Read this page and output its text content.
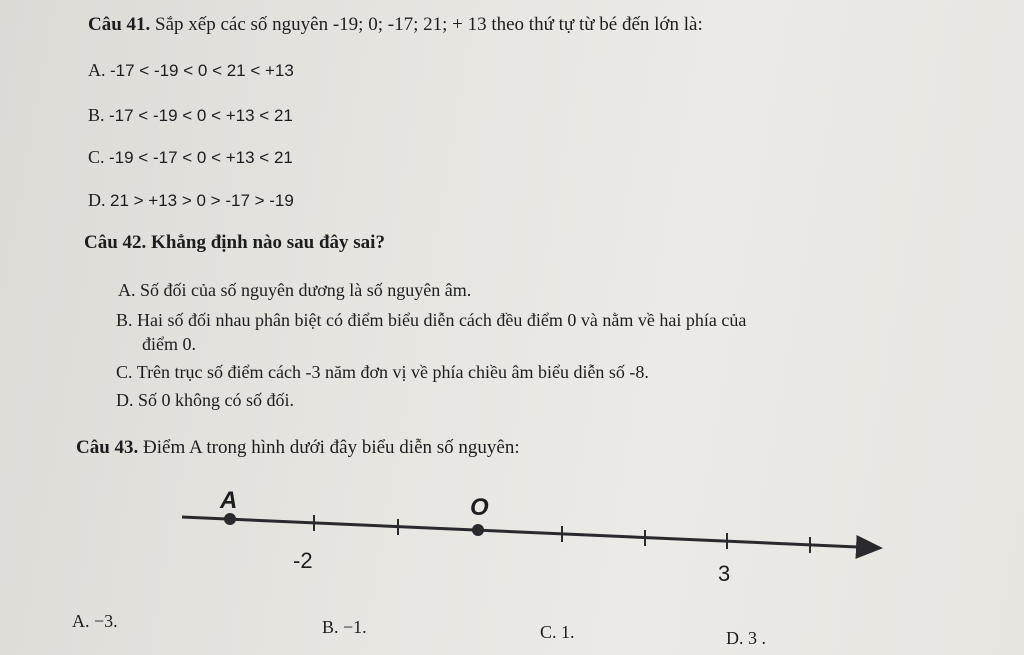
Câu 41. Sắp xếp các số nguyên -19; 0; -17; 21; + 13 theo thứ tự từ bé đến lớn là:
A. -17 < -19 < 0 < 21 < +13
B. -17 < -19 < 0 < +13 < 21
C. -19 < -17 < 0 < +13 < 21
D. 21 > +13 > 0 > -17 > -19
Câu 42. Khẳng định nào sau đây sai?
A. Số đối của số nguyên dương là số nguyên âm.
B. Hai số đối nhau phân biệt có điểm biểu diễn cách đều điểm 0 và nằm về hai phía của
điểm 0.
C. Trên trục số điểm cách -3 năm đơn vị về phía chiều âm biểu diễn số -8.
D. Số 0 không có số đối.
Câu 43. Điểm A trong hình dưới đây biểu diễn số nguyên:
A	O
-2
3
A. −3.	B. −1.	C. 1.	D. 3 .
